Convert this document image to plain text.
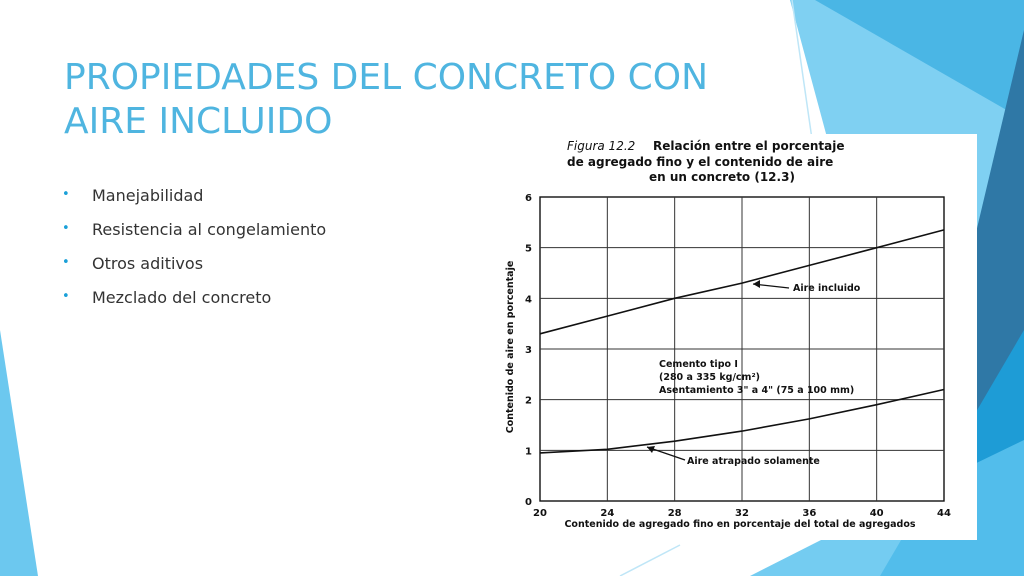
PROPIEDADES DEL CONCRETO CON AIRE INCLUIDO
• Manejabilidad
• Resistencia al congelamiento
• Otros aditivos
• Mezclado del concreto
Figura 12.2 Relación entre el porcentaje
de agregado fino y el contenido de aire
en un concreto (12.3)
20	24	28	32	36	40	44
0
1
2
3
4
5
6
Contenido de aire en porcentaje
Contenido de agregado fino en porcentaje del total de agregados
Cemento tipo I
(280 a 335 kg/cm²)
Asentamiento 3" a 4" (75 a 100 mm)
Aire incluido
Aire atrapado solamente
